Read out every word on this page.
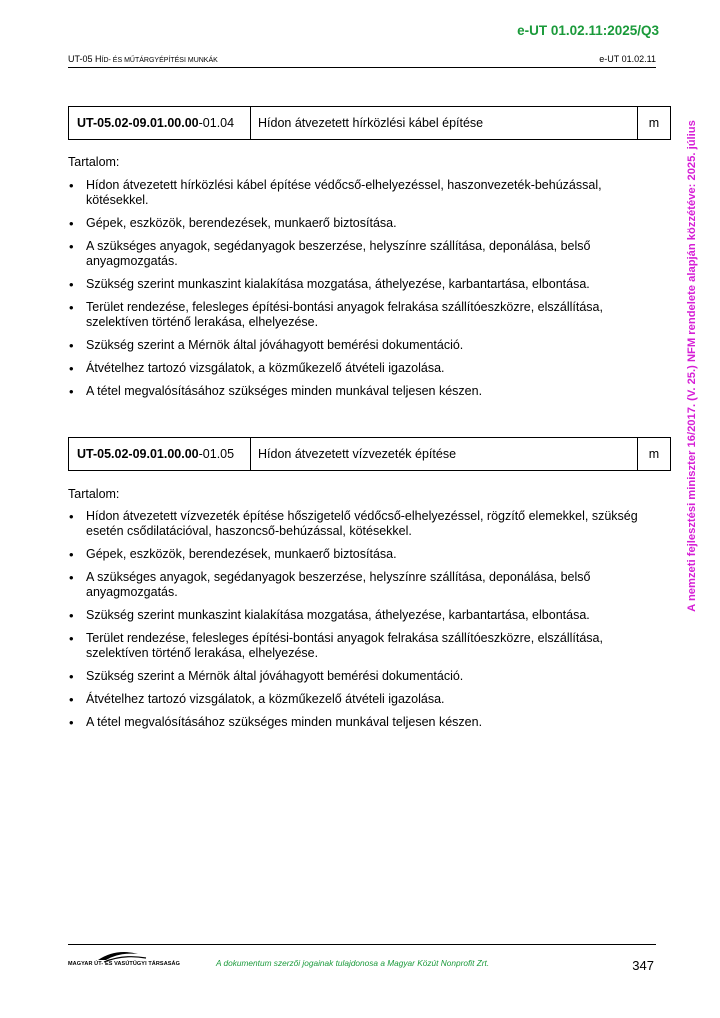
e-UT 01.02.11:2025/Q3
UT-05 HÍD- ÉS MŰTÁRGYÉPÍTÉSI MUNKÁK	e-UT 01.02.11
A nemzeti fejlesztési miniszter 16/2017. (V. 25.) NFM rendelete alapján közzétéve: 2025. július
UT-05.02-09.01.00.00 -01.04	Hídon átvezetett hírközlési kábel építése	m
Tartalom:
• Hídon átvezetett hírközlési kábel építése védőcső-elhelyezéssel, haszonvezeték-behúzással, kötésekkel.
• Gépek, eszközök, berendezések, munkaerő biztosítása.
• A szükséges anyagok, segédanyagok beszerzése, helyszínre szállítása, deponálása, belső anyagmozgatás.
• Szükség szerint munkaszint kialakítása mozgatása, áthelyezése, karbantartása, elbontása.
• Terület rendezése, felesleges építési-bontási anyagok felrakása szállítóeszközre, elszállítása, szelektíven történő lerakása, elhelyezése.
• Szükség szerint a Mérnök által jóváhagyott bemérési dokumentáció.
• Átvételhez tartozó vizsgálatok, a közműkezelő átvételi igazolása.
• A tétel megvalósításához szükséges minden munkával teljesen készen.
UT-05.02-09.01.00.00 -01.05	Hídon átvezetett vízvezeték építése	m
Tartalom:
• Hídon átvezetett vízvezeték építése hőszigetelő védőcső-elhelyezéssel, rögzítő elemekkel, szükség esetén csődilatációval, haszoncső-behúzással, kötésekkel.
• Gépek, eszközök, berendezések, munkaerő biztosítása.
• A szükséges anyagok, segédanyagok beszerzése, helyszínre szállítása, deponálása, belső anyagmozgatás.
• Szükség szerint munkaszint kialakítása mozgatása, áthelyezése, karbantartása, elbontása.
• Terület rendezése, felesleges építési-bontási anyagok felrakása szállítóeszközre, elszállítása, szelektíven történő lerakása, elhelyezése.
• Szükség szerint a Mérnök által jóváhagyott bemérési dokumentáció.
• Átvételhez tartozó vizsgálatok, a közműkezelő átvételi igazolása.
• A tétel megvalósításához szükséges minden munkával teljesen készen.
MAGYAR ÚT- ÉS VASÚTÜGYI TÁRSASÁG	A dokumentum szerzői jogainak tulajdonosa a Magyar Közút Nonprofit Zrt.	347
